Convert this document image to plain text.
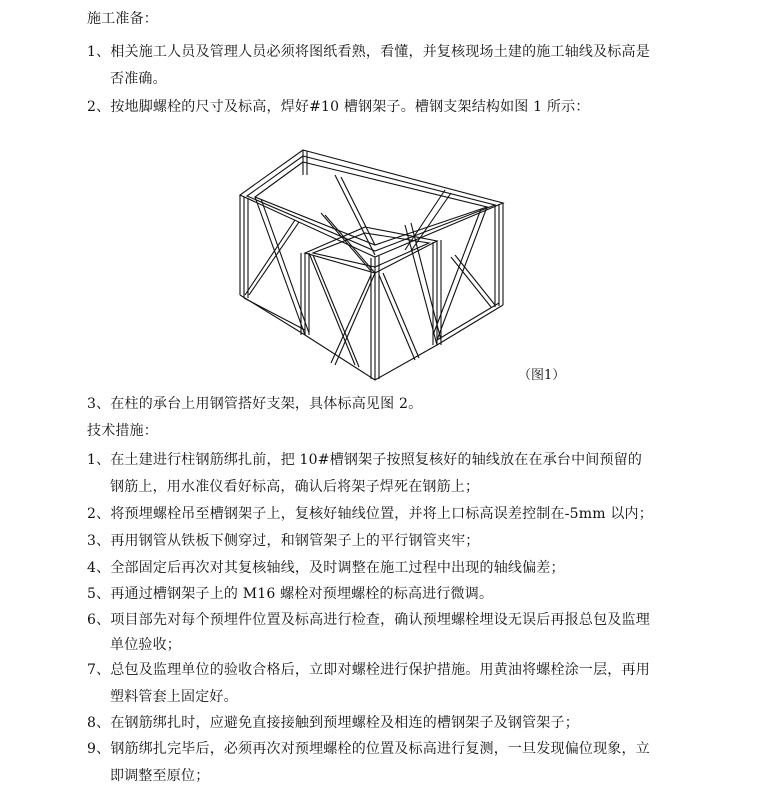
施工准备：
1、相关施工人员及管理人员必须将图纸看熟，看懂，并复核现场土建的施工轴线及标高是
否准确。
2、按地脚螺栓的尺寸及标高，焊好#10 槽钢架子。槽钢支架结构如图 1 所示：
（图1）
3、在柱的承台上用钢管搭好支架，具体标高见图 2。
技术措施：
1、在土建进行柱钢筋绑扎前，把 10#槽钢架子按照复核好的轴线放在在承台中间预留的
钢筋上，用水准仪看好标高，确认后将架子焊死在钢筋上；
2、将预埋螺栓吊至槽钢架子上，复核好轴线位置，并将上口标高误差控制在-5mm 以内；
3、再用钢管从铁板下侧穿过，和钢管架子上的平行钢管夹牢；
4、全部固定后再次对其复核轴线，及时调整在施工过程中出现的轴线偏差；
5、再通过槽钢架子上的 M16 螺栓对预埋螺栓的标高进行微调。
6、项目部先对每个预埋件位置及标高进行检查，确认预埋螺栓埋设无误后再报总包及监理
单位验收；
7、总包及监理单位的验收合格后，立即对螺栓进行保护措施。用黄油将螺栓涂一层，再用
塑料管套上固定好。
8、在钢筋绑扎时，应避免直接接触到预埋螺栓及相连的槽钢架子及钢管架子；
9、钢筋绑扎完毕后，必须再次对预埋螺栓的位置及标高进行复测，一旦发现偏位现象，立
即调整至原位；
